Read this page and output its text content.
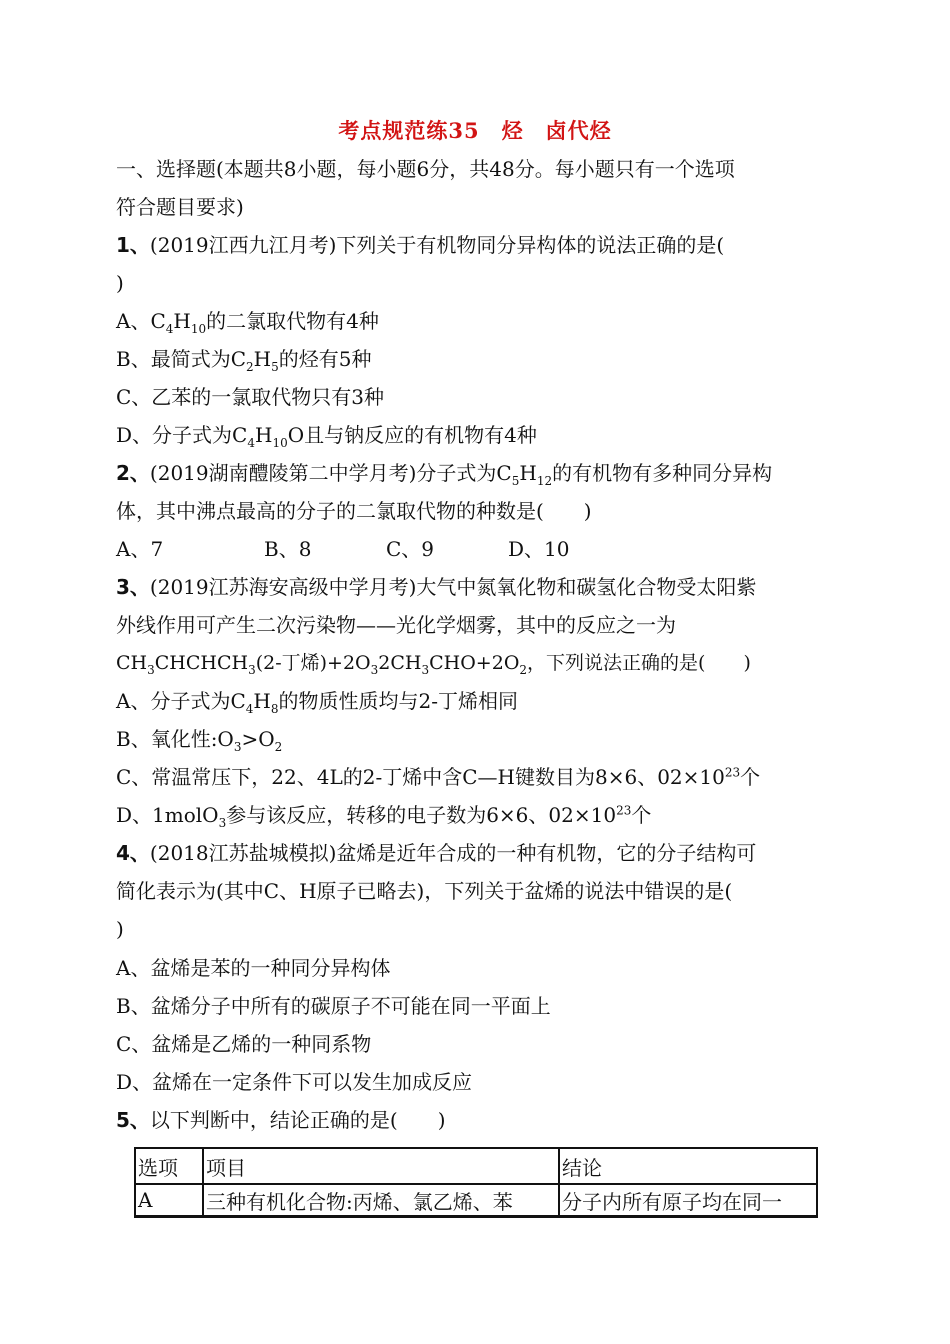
考点规范练35　烃　卤代烃
一、选择题(本题共8小题，每小题6分，共48分。每小题只有一个选项
符合题目要求)
1、(2019江西九江月考)下列关于有机物同分异构体的说法正确的是(
)
A、$C_4H_{10}$的二氯取代物有4种
B、最简式为$C_2H_5$的烃有5种
C、乙苯的一氯取代物只有3种
D、分子式为$C_4H_{10}O$且与钠反应的有机物有4种
2、(2019湖南醴陵第二中学月考)分子式为$C_5H_{12}$的有机物有多种同分异构
体，其中沸点最高的分子的二氯取代物的种数是(　　)
A、7	B、8	C、9	D、10
3、(2019江苏海安高级中学月考)大气中氮氧化物和碳氢化合物受太阳紫
外线作用可产生二次污染物——光化学烟雾，其中的反应之一为
$CH_3CHCHCH_3(2-$丁烯)$+2O_32CH_3CHO+2O_2$，下列说法正确的是(　　)
A、分子式为$C_4H_8$的物质性质均与2-丁烯相同
B、氧化性$:O_3>O_2$
C、常温常压下，22、4L的2-丁烯中含C—H键数目为8×6、$02\times 10^{23}$个
D、1molO$_3$参与该反应，转移的电子数为6×6、$02\times 10^{23}$个
4、(2018江苏盐城模拟)盆烯是近年合成的一种有机物，它的分子结构可
简化表示为(其中C、H原子已略去)，下列关于盆烯的说法中错误的是(
)
A、盆烯是苯的一种同分异构体
B、盆烯分子中所有的碳原子不可能在同一平面上
C、盆烯是乙烯的一种同系物
D、盆烯在一定条件下可以发生加成反应
5、以下判断中，结论正确的是(　　)
选项	项目	结论
A	三种有机化合物:丙烯、氯乙烯、苯	分子内所有原子均在同一
